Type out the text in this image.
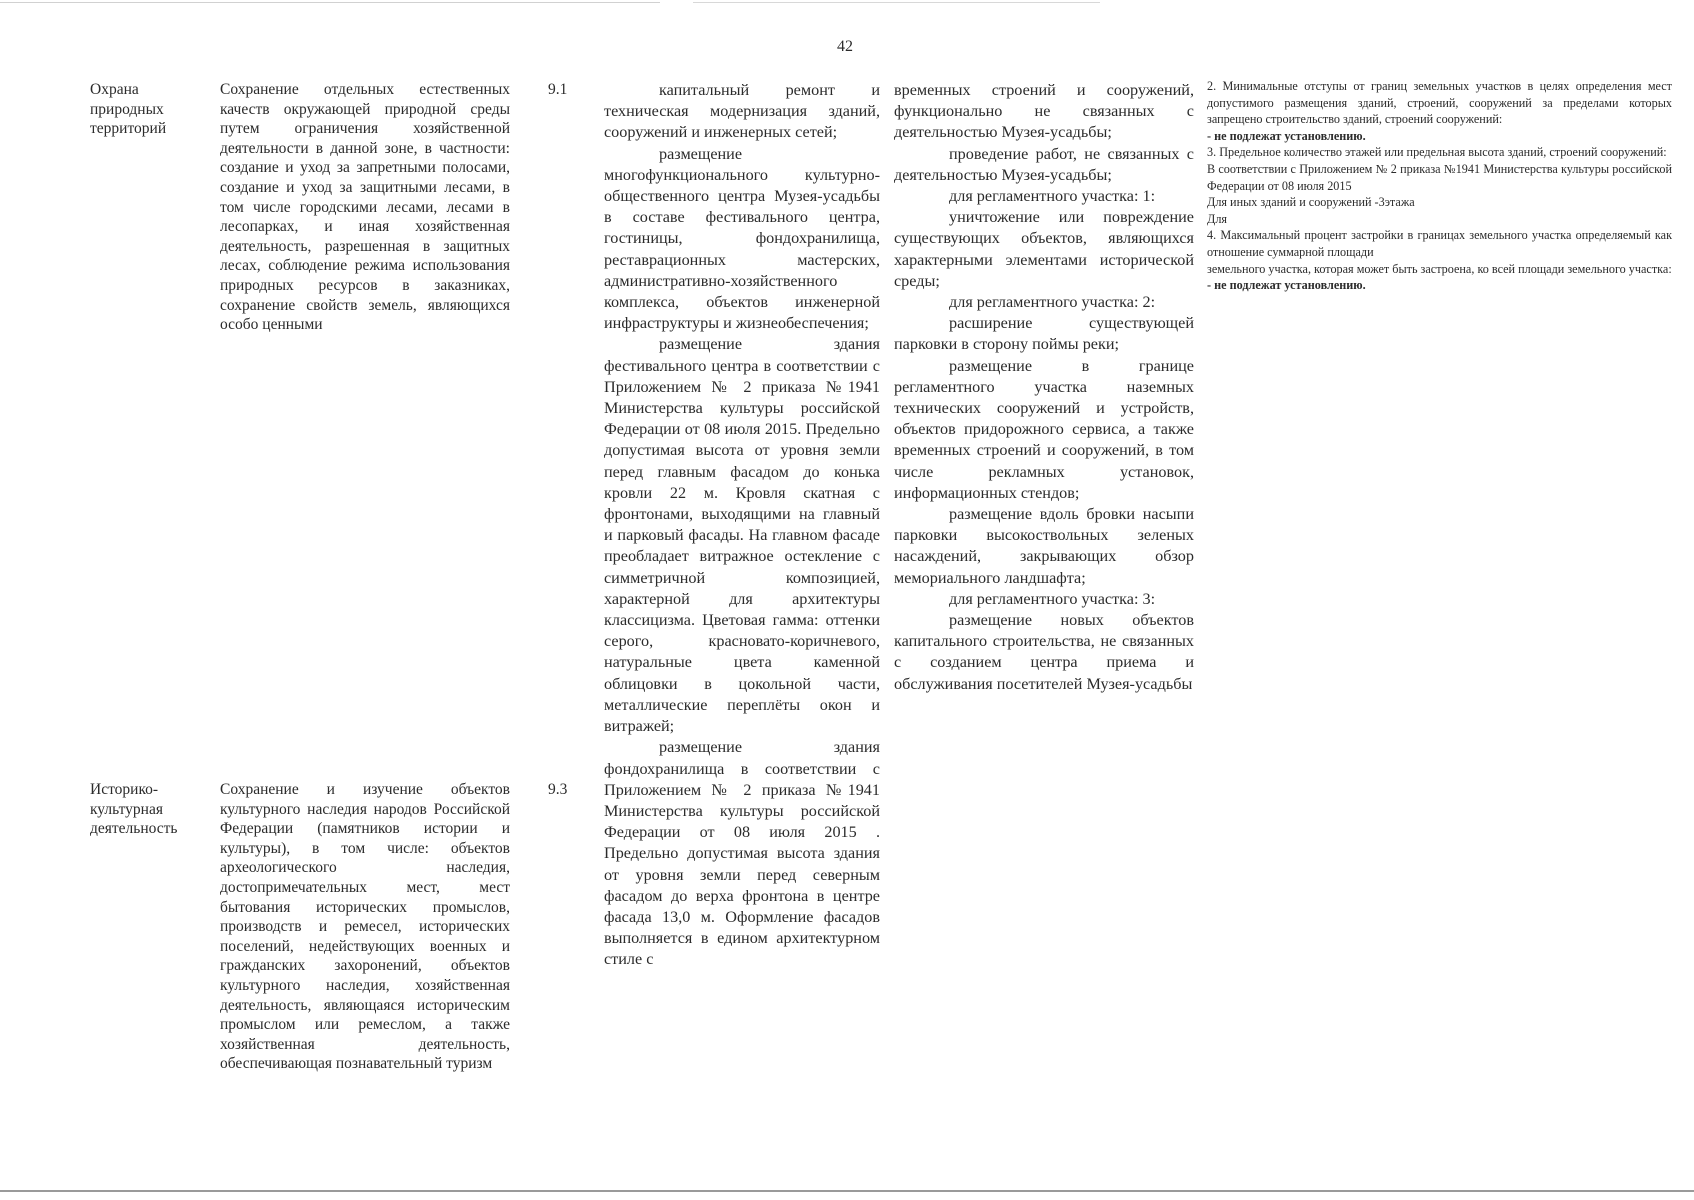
42
Охрана природных территорий
Сохранение отдельных естественных качеств окружающей природной среды путем ограничения хозяйственной деятельности в данной зоне, в частности: создание и уход за запретными полосами, создание и уход за защитными лесами, в том числе городскими лесами, лесами в лесопарках, и иная хозяйственная деятельность, разрешенная в защитных лесах, соблюдение режима использования природных ресурсов в заказниках, сохранение свойств земель, являющихся особо ценными
9.1
Историко-культурная деятельность
Сохранение и изучение объектов культурного наследия народов Российской Федерации (памятников истории и культуры), в том числе: объектов археологического наследия, достопримечательных мест, мест бытования исторических промыслов, производств и ремесел, исторических поселений, недействующих военных и гражданских захоронений, объектов культурного наследия, хозяйственная деятельность, являющаяся историческим промыслом или ремеслом, а также хозяйственная деятельность, обеспечивающая познавательный туризм
9.3

капитальный ремонт и техническая модернизация зданий, сооружений и инженерных сетей;

размещение многофункционального культурно-общественного центра Музея-усадьбы в составе фестивального центра, гостиницы, фондохранилища, реставрационных мастерских, административно-хозяйственного комплекса, объектов инженерной инфраструктуры и жизнеобеспечения;

размещение здания фестивального центра в соответствии с Приложением № 2 приказа №1941 Министерства культуры российской Федерации от 08 июля 2015. Предельно допустимая высота от уровня земли перед главным фасадом до конька кровли 22 м. Кровля скатная с фронтонами, выходящими на главный и парковый фасады. На главном фасаде преобладает витражное остекление с симметричной композицией, характерной для архитектуры классицизма. Цветовая гамма: оттенки серого, красновато-коричневого, натуральные цвета каменной облицовки в цокольной части, металлические переплёты окон и витражей;

размещение здания фондохранилища в соответствии с Приложением № 2 приказа №1941 Министерства культуры российской Федерации от 08 июля 2015 . Предельно допустимая высота здания от уровня земли перед северным фасадом до верха фронтона в центре фасада 13,0 м. Оформление фасадов выполняется в едином архитектурном стиле с

временных строений и сооружений, функционально не связанных с деятельностью Музея-усадьбы;

проведение работ, не связанных с деятельностью Музея-усадьбы;

для регламентного участка: 1:

уничтожение или повреждение существующих объектов, являющихся характерными элементами исторической среды;

для регламентного участка: 2:

расширение существующей парковки в сторону поймы реки;

размещение в границе регламентного участка наземных технических сооружений и устройств, объектов придорожного сервиса, а также временных строений и сооружений, в том числе рекламных установок, информационных стендов;

размещение вдоль бровки насыпи парковки высокоствольных зеленых насаждений, закрывающих обзор мемориального ландшафта;

для регламентного участка: 3:

размещение новых объектов капитального строительства, не связанных с созданием центра приема и обслуживания посетителей Музея-усадьбы

2. Минимальные отступы от границ земельных участков в целях определения мест допустимого размещения зданий, строений, сооружений за пределами которых запрещено строительство зданий, строений сооружений:

- не подлежат установлению.

3. Предельное количество этажей или предельная высота зданий, строений сооружений:

В соответствии с Приложением № 2 приказа №1941 Министерства культуры российской Федерации от 08 июля 2015

Для иных зданий и сооружений -3этажа

Для

4. Максимальный процент застройки в границах земельного участка определяемый как отношение суммарной площади

земельного участка, которая может быть застроена, ко всей площади земельного участка:

- не подлежат установлению.
